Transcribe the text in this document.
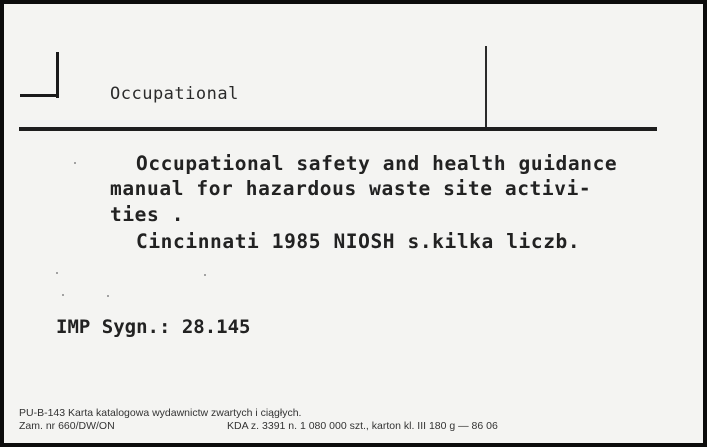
Occupational
Occupational safety and health guidance
manual for hazardous waste site activi-
ties .
Cincinnati 1985 NIOSH s.kilka liczb.
IMP Sygn.: 28.145
PU-B-143 Karta katalogowa wydawnictw zwartych i ciągłych.
Zam. nr 660/DW/ON	KDA z. 3391 n. 1 080 000 szt., karton kl. III 180 g — 86 06
